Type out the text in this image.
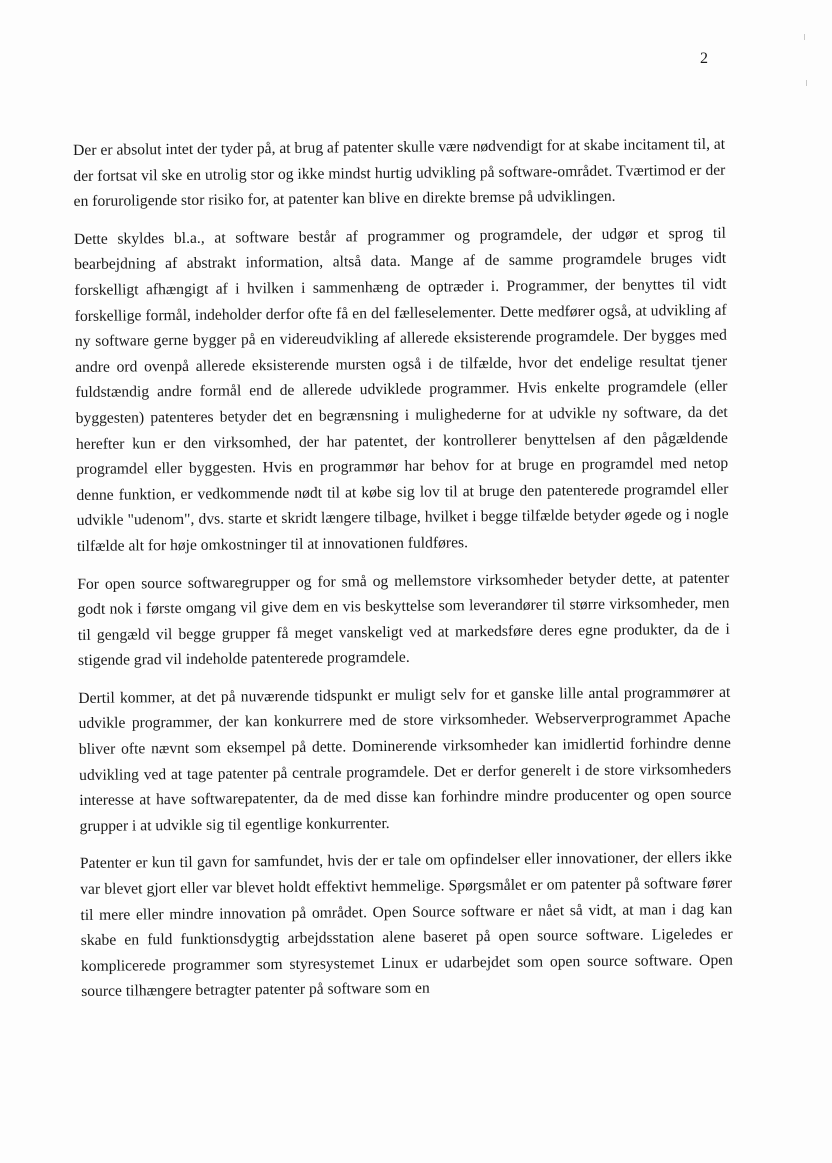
2

Der er absolut intet der tyder på, at brug af patenter skulle være nødvendigt for at skabe incitament til, at der fortsat vil ske en utrolig stor og ikke mindst hurtig udvikling på software-området. Tværtimod er der en foruroligende stor risiko for, at patenter kan blive en direkte bremse på udviklingen.

Dette skyldes bl.a., at software består af programmer og programdele, der udgør et sprog til bearbejdning af abstrakt information, altså data. Mange af de samme programdele bruges vidt forskelligt afhængigt af i hvilken i sammenhæng de optræder i. Programmer, der benyttes til vidt forskellige formål, indeholder derfor ofte få en del fælleselementer. Dette medfører også, at udvikling af ny software gerne bygger på en videreudvikling af allerede eksisterende programdele. Der bygges med andre ord ovenpå allerede eksisterende mursten også i de tilfælde, hvor det endelige resultat tjener fuldstændig andre formål end de allerede udviklede programmer. Hvis enkelte programdele (eller byggesten) patenteres betyder det en begrænsning i mulighederne for at udvikle ny software, da det herefter kun er den virksomhed, der har patentet, der kontrollerer benyttelsen af den pågældende programdel eller byggesten. Hvis en programmør har behov for at bruge en programdel med netop denne funktion, er vedkommende nødt til at købe sig lov til at bruge den patenterede programdel eller udvikle "udenom", dvs. starte et skridt længere tilbage, hvilket i begge tilfælde betyder øgede og i nogle tilfælde alt for høje omkostninger til at innovationen fuldføres.

For open source softwaregrupper og for små og mellemstore virksomheder betyder dette, at patenter godt nok i første omgang vil give dem en vis beskyttelse som leverandører til større virksomheder, men til gengæld vil begge grupper få meget vanskeligt ved at markedsføre deres egne produkter, da de i stigende grad vil indeholde patenterede programdele.

Dertil kommer, at det på nuværende tidspunkt er muligt selv for et ganske lille antal programmører at udvikle programmer, der kan konkurrere med de store virksomheder. Webserverprogrammet Apache bliver ofte nævnt som eksempel på dette. Dominerende virksomheder kan imidlertid forhindre denne udvikling ved at tage patenter på centrale programdele. Det er derfor generelt i de store virksomheders interesse at have softwarepatenter, da de med disse kan forhindre mindre producenter og open source grupper i at udvikle sig til egentlige konkurrenter.

Patenter er kun til gavn for samfundet, hvis der er tale om opfindelser eller innovationer, der ellers ikke var blevet gjort eller var blevet holdt effektivt hemmelige. Spørgsmålet er om patenter på software fører til mere eller mindre innovation på området. Open Source software er nået så vidt, at man i dag kan skabe en fuld funktionsdygtig arbejdsstation alene baseret på open source software. Ligeledes er komplicerede programmer som styresystemet Linux er udarbejdet som open source software. Open source tilhængere betragter patenter på software som en
